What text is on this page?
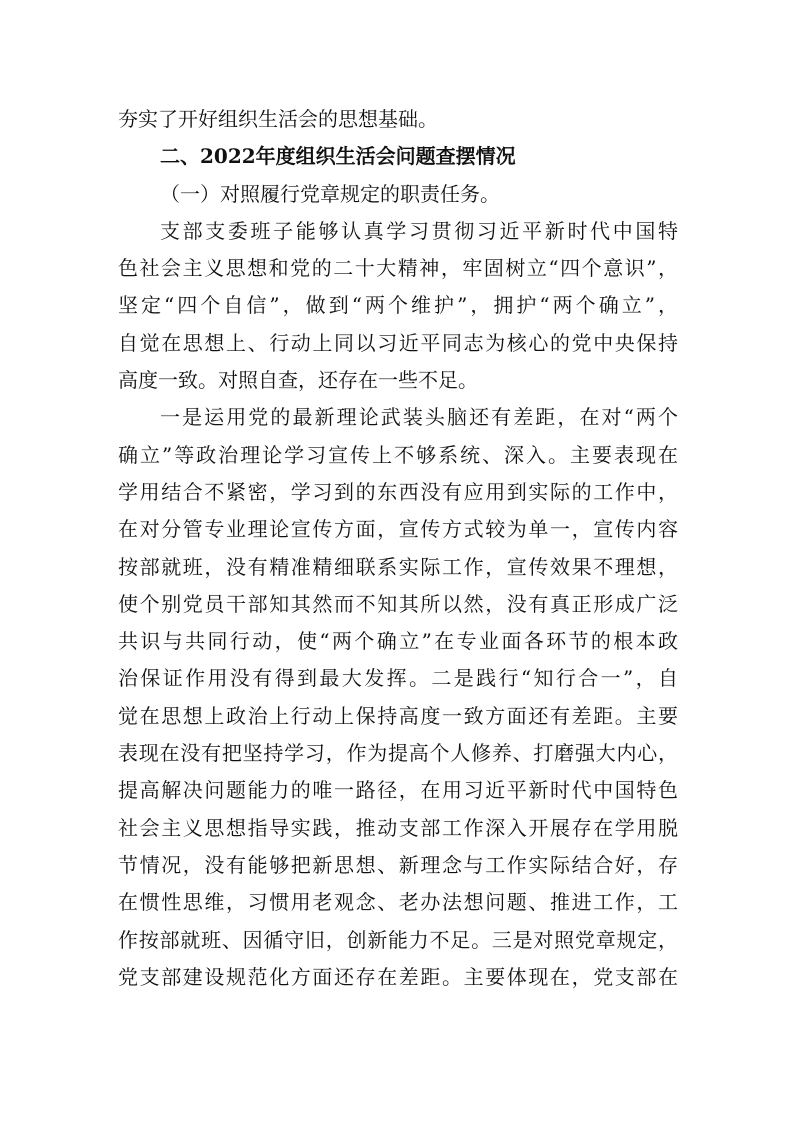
夯实了开好组织生活会的思想基础。
二、2022年度组织生活会问题查摆情况
（一）对照履行党章规定的职责任务。
支部支委班子能够认真学习贯彻习近平新时代中国特
色社会主义思想和党的二十大精神，牢固树立“四个意识”，
坚定“四个自信”，做到“两个维护”，拥护“两个确立”，
自觉在思想上、行动上同以习近平同志为核心的党中央保持
高度一致。对照自查，还存在一些不足。
一是运用党的最新理论武装头脑还有差距，在对“两个
确立”等政治理论学习宣传上不够系统、深入。主要表现在
学用结合不紧密，学习到的东西没有应用到实际的工作中，
在对分管专业理论宣传方面，宣传方式较为单一，宣传内容
按部就班，没有精准精细联系实际工作，宣传效果不理想，
使个别党员干部知其然而不知其所以然，没有真正形成广泛
共识与共同行动，使“两个确立”在专业面各环节的根本政
治保证作用没有得到最大发挥。二是践行“知行合一”，自
觉在思想上政治上行动上保持高度一致方面还有差距。主要
表现在没有把坚持学习，作为提高个人修养、打磨强大内心，
提高解决问题能力的唯一路径，在用习近平新时代中国特色
社会主义思想指导实践，推动支部工作深入开展存在学用脱
节情况，没有能够把新思想、新理念与工作实际结合好，存
在惯性思维，习惯用老观念、老办法想问题、推进工作，工
作按部就班、因循守旧，创新能力不足。三是对照党章规定，
党支部建设规范化方面还存在差距。主要体现在，党支部在
